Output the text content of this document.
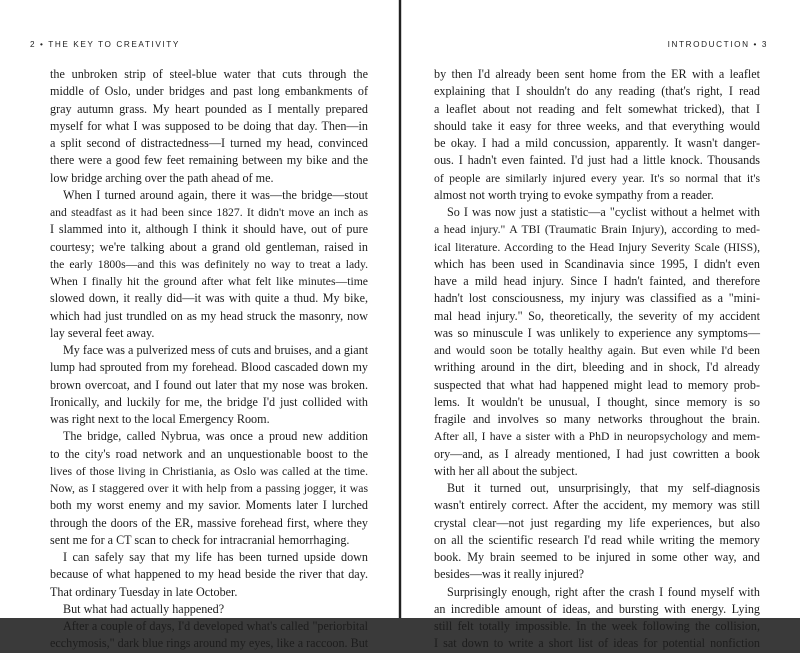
2 • THE KEY TO CREATIVITY
the unbroken strip of steel-blue water that cuts through the
middle of Oslo, under bridges and past long embankments of
gray autumn grass. My heart pounded as I mentally prepared
myself for what I was supposed to be doing that day. Then—in
a split second of distractedness—I turned my head, convinced
there were a good few feet remaining between my bike and the
low bridge arching over the path ahead of me.
When I turned around again, there it was—the bridge—stout
and steadfast as it had been since 1827. It didn't move an inch as
I slammed into it, although I think it should have, out of pure
courtesy; we're talking about a grand old gentleman, raised in
the early 1800s—and this was definitely no way to treat a lady.
When I finally hit the ground after what felt like minutes—time
slowed down, it really did—it was with quite a thud. My bike,
which had just trundled on as my head struck the masonry, now
lay several feet away.
My face was a pulverized mess of cuts and bruises, and a giant
lump had sprouted from my forehead. Blood cascaded down my
brown overcoat, and I found out later that my nose was broken.
Ironically, and luckily for me, the bridge I'd just collided with
was right next to the local Emergency Room.
The bridge, called Nybrua, was once a proud new addition
to the city's road network and an unquestionable boost to the
lives of those living in Christiania, as Oslo was called at the time.
Now, as I staggered over it with help from a passing jogger, it was
both my worst enemy and my savior. Moments later I lurched
through the doors of the ER, massive forehead first, where they
sent me for a CT scan to check for intracranial hemorrhaging.
I can safely say that my life has been turned upside down
because of what happened to my head beside the river that day.
That ordinary Tuesday in late October.
But what had actually happened?
After a couple of days, I'd developed what's called "periorbital
ecchymosis," dark blue rings around my eyes, like a raccoon. But
INTRODUCTION • 3
by then I'd already been sent home from the ER with a leaflet
explaining that I shouldn't do any reading (that's right, I read
a leaflet about not reading and felt somewhat tricked), that I
should take it easy for three weeks, and that everything would
be okay. I had a mild concussion, apparently. It wasn't danger-
ous. I hadn't even fainted. I'd just had a little knock. Thousands
of people are similarly injured every year. It's so normal that it's
almost not worth trying to evoke sympathy from a reader.
So I was now just a statistic—a "cyclist without a helmet with
a head injury." A TBI (Traumatic Brain Injury), according to med-
ical literature. According to the Head Injury Severity Scale (HISS),
which has been used in Scandinavia since 1995, I didn't even
have a mild head injury. Since I hadn't fainted, and therefore
hadn't lost consciousness, my injury was classified as a "mini-
mal head injury." So, theoretically, the severity of my accident
was so minuscule I was unlikely to experience any symptoms—
and would soon be totally healthy again. But even while I'd been
writhing around in the dirt, bleeding and in shock, I'd already
suspected that what had happened might lead to memory prob-
lems. It wouldn't be unusual, I thought, since memory is so
fragile and involves so many networks throughout the brain.
After all, I have a sister with a PhD in neuropsychology and mem-
ory—and, as I already mentioned, I had just cowritten a book
with her all about the subject.
But it turned out, unsurprisingly, that my self-diagnosis
wasn't entirely correct. After the accident, my memory was still
crystal clear—not just regarding my life experiences, but also
on all the scientific research I'd read while writing the memory
book. My brain seemed to be injured in some other way, and
besides—was it really injured?
Surprisingly enough, right after the crash I found myself with
an incredible amount of ideas, and bursting with energy. Lying
still felt totally impossible. In the week following the collision,
I sat down to write a short list of ideas for potential nonfiction
